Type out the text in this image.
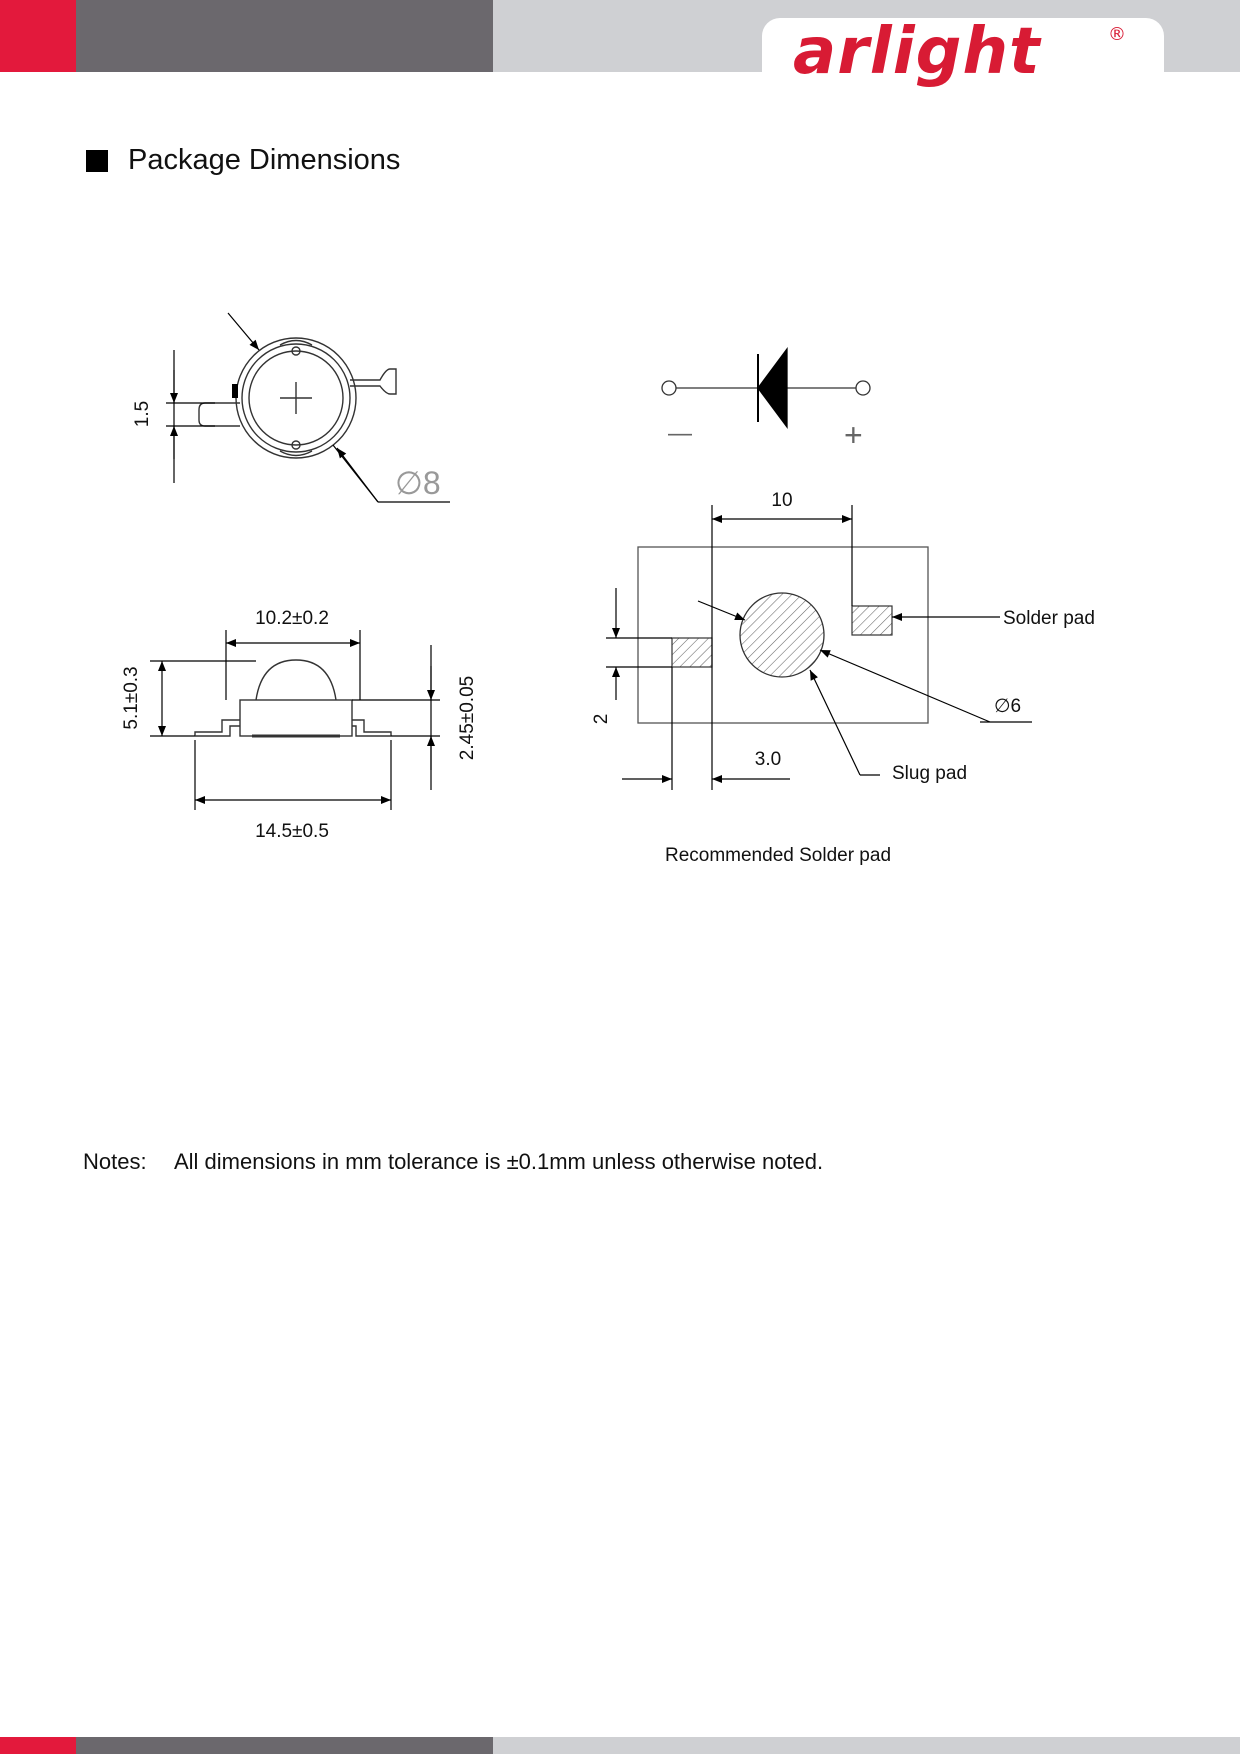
arlight	®
Package Dimensions
∅8
1.5
—	+
10.2±0.2
5.1±0.3	2.45±0.05
14.5±0.5
10
2
3.0
∅6
Solder pad
Slug pad
Recommended Solder pad
Notes:	All dimensions in mm tolerance is ±0.1mm unless otherwise noted.
